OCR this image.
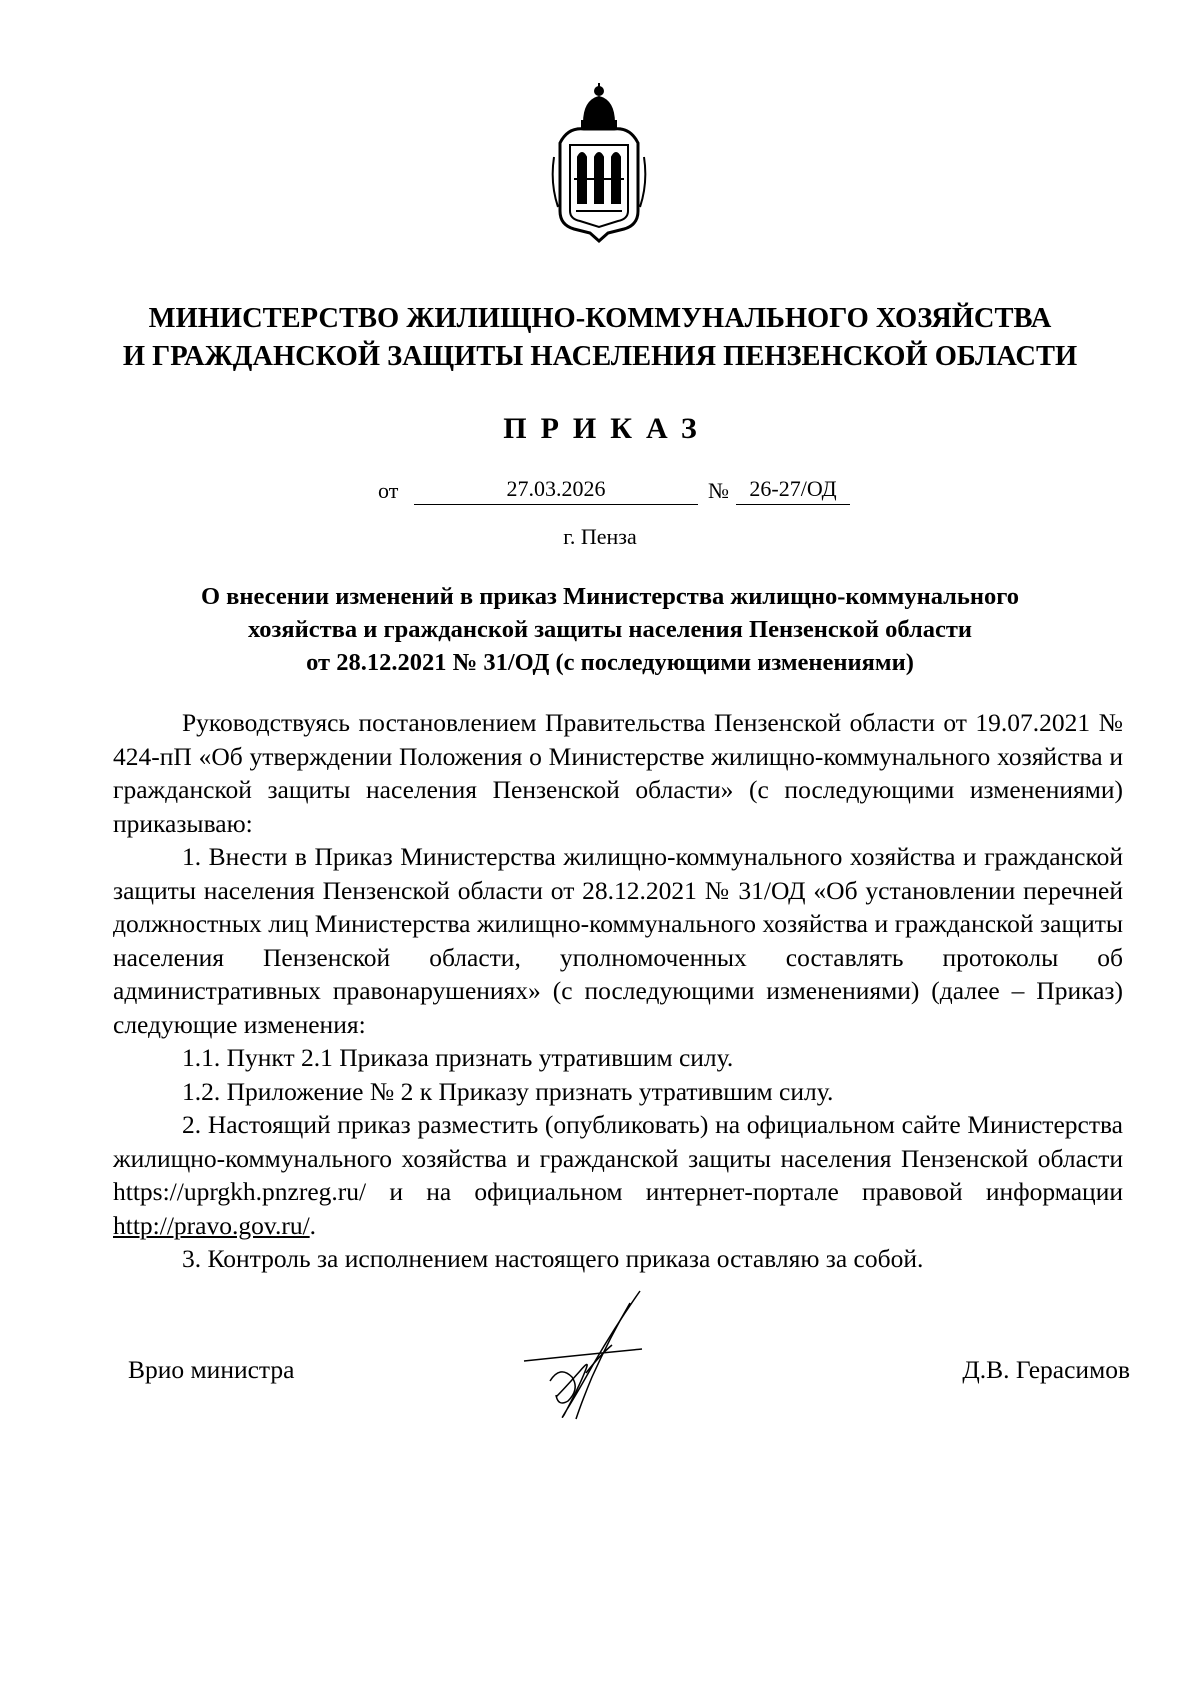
МИНИСТЕРСТВО ЖИЛИЩНО-КОММУНАЛЬНОГО ХОЗЯЙСТВА
И ГРАЖДАНСКОЙ ЗАЩИТЫ НАСЕЛЕНИЯ ПЕНЗЕНСКОЙ ОБЛАСТИ
ПРИКАЗ
от	27.03.2026	№ 26-27/ОД
г. Пенза
О внесении изменений в приказ Министерства жилищно-коммунального
хозяйства и гражданской защиты населения Пензенской области
от 28.12.2021 № 31/ОД (с последующими изменениями)

Руководствуясь постановлением Правительства Пензенской области от 19.07.2021 № 424-пП «Об утверждении Положения о Министерстве жилищно-коммунального хозяйства и гражданской защиты населения Пензенской области» (с последующими изменениями) приказываю:

1. Внести в Приказ Министерства жилищно-коммунального хозяйства и гражданской защиты населения Пензенской области от 28.12.2021 № 31/ОД «Об установлении перечней должностных лиц Министерства жилищно-коммунального хозяйства и гражданской защиты населения Пензенской области, уполномоченных составлять протоколы об административных правонарушениях» (с последующими изменениями) (далее – Приказ) следующие изменения:

1.1. Пункт 2.1 Приказа признать утратившим силу.

1.2. Приложение № 2 к Приказу признать утратившим силу.

2. Настоящий приказ разместить (опубликовать) на официальном сайте Министерства жилищно-коммунального хозяйства и гражданской защиты населения Пензенской области https://uprgkh.pnzreg.ru/ и на официальном интернет-портале правовой информации http://pravo.gov.ru/.

3. Контроль за исполнением настоящего приказа оставляю за собой.

Врио министра	Д.В. Герасимов
